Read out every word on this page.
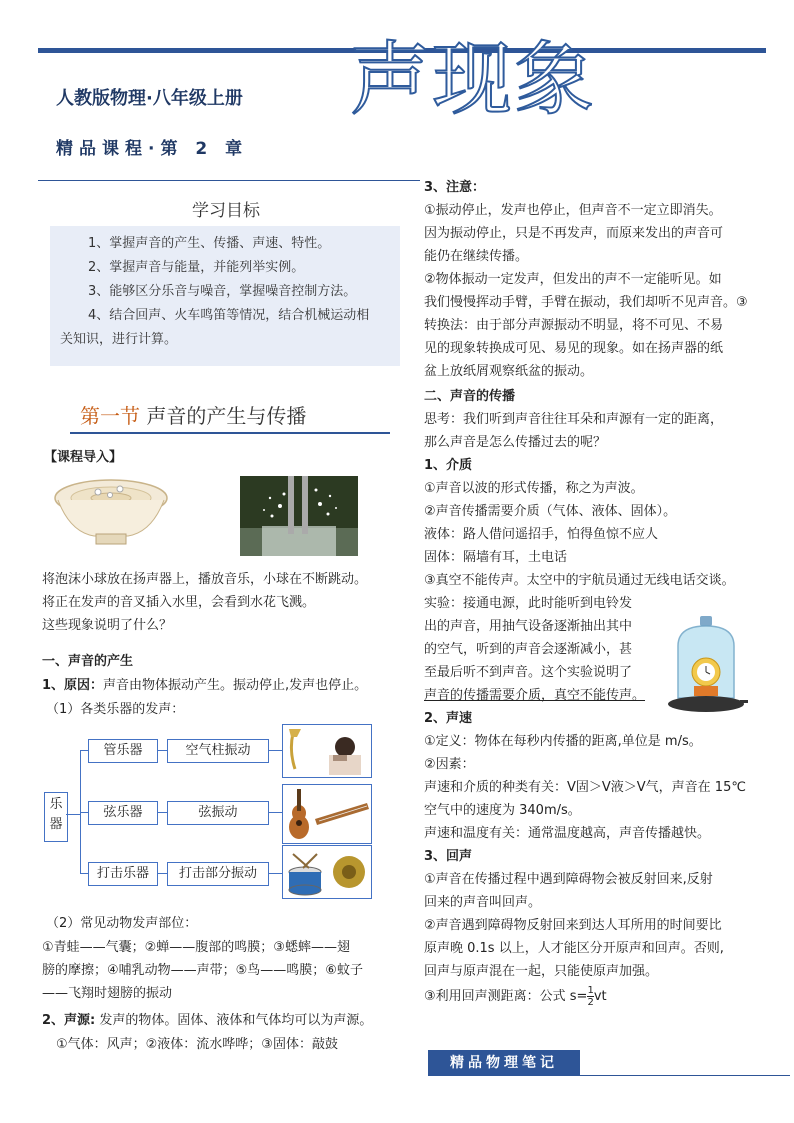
声现象
人教版物理·八年级上册
精品课程·第 2 章
学习目标
1、掌握声音的产生、传播、声速、特性。
2、掌握声音与能量，并能列举实例。
3、能够区分乐音与噪音，掌握噪音控制方法。
4、结合回声、火车鸣笛等情况，结合机械运动相
关知识，进行计算。
第一节 声音的产生与传播
【课程导入】
将泡沫小球放在扬声器上，播放音乐，小球在不断跳动。
将正在发声的音叉插入水里，会看到水花飞溅。
这些现象说明了什么？
一、声音的产生
1、原因：声音由物体振动产生。振动停止,发声也停止。
（1）各类乐器的发声：
乐器
管乐器
弦乐器
打击乐器
空气柱振动
弦振动
打击部分振动
（2）常见动物发声部位：
①青蛙——气囊；②蝉——腹部的鸣膜；③蟋蟀——翅
膀的摩擦；④哺乳动物——声带；⑤鸟——鸣膜；⑥蚊子
——飞翔时翅膀的振动
2、声源: 发声的物体。固体、液体和气体均可以为声源。
①气体：风声；②液体：流水哗哗；③固体：敲鼓
3、注意：
①振动停止，发声也停止，但声音不一定立即消失。
因为振动停止，只是不再发声，而原来发出的声音可
能仍在继续传播。
②物体振动一定发声，但发出的声不一定能听见。如
我们慢慢挥动手臂，手臂在振动，我们却听不见声音。③
转换法：由于部分声源振动不明显，将不可见、不易
见的现象转换成可见、易见的现象。如在扬声器的纸
盆上放纸屑观察纸盆的振动。
二、声音的传播
思考：我们听到声音往往耳朵和声源有一定的距离，
那么声音是怎么传播过去的呢？
1、介质
①声音以波的形式传播，称之为声波。
②声音传播需要介质（气体、液体、固体）。
液体：路人借问遥招手，怕得鱼惊不应人
固体：隔墙有耳，土电话
③真空不能传声。太空中的宇航员通过无线电话交谈。
实验：接通电源，此时能听到电铃发
出的声音，用抽气设备逐渐抽出其中
的空气，听到的声音会逐渐减小，甚
至最后听不到声音。这个实验说明了
声音的传播需要介质，真空不能传声。
2、声速
①定义：物体在每秒内传播的距离,单位是 m/s。
②因素：
声速和介质的种类有关：V固＞V液＞V气，声音在 15℃
空气中的速度为 340m/s。
声速和温度有关：通常温度越高，声音传播越快。
3、回声
①声音在传播过程中遇到障碍物会被反射回来,反射
回来的声音叫回声。
②声音遇到障碍物反射回来到达人耳所用的时间要比
原声晚 0.1s 以上，人才能区分开原声和回声。否则,
回声与原声混在一起，只能使原声加强。
③利用回声测距离：公式 $s= \frac{1}{2}$ vt
精品物理笔记
